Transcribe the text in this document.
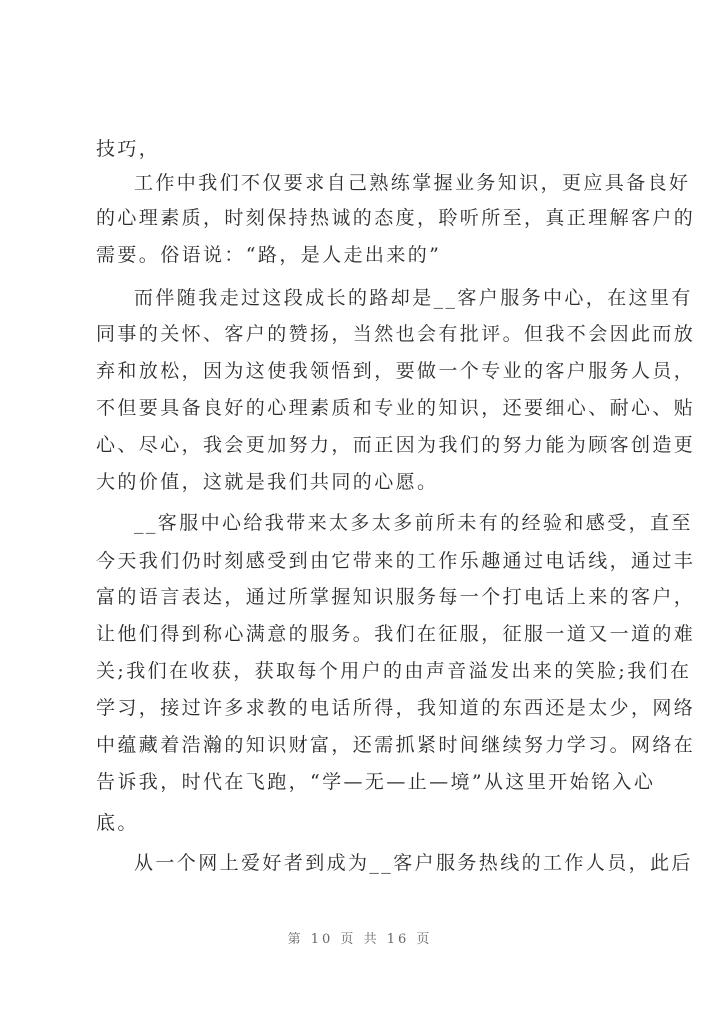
技巧，
工作中我们不仅要求自己熟练掌握业务知识，更应具备良好
的心理素质，时刻保持热诚的态度，聆听所至，真正理解客户的
需要。俗语说：“路，是人走出来的”
而伴随我走过这段成长的路却是__客户服务中心，在这里有
同事的关怀、客户的赞扬，当然也会有批评。但我不会因此而放
弃和放松，因为这使我领悟到，要做一个专业的客户服务人员，
不但要具备良好的心理素质和专业的知识，还要细心、耐心、贴
心、尽心，我会更加努力，而正因为我们的努力能为顾客创造更
大的价值，这就是我们共同的心愿。
__客服中心给我带来太多太多前所未有的经验和感受，直至
今天我们仍时刻感受到由它带来的工作乐趣通过电话线，通过丰
富的语言表达，通过所掌握知识服务每一个打电话上来的客户，
让他们得到称心满意的服务。我们在征服，征服一道又一道的难
关;我们在收获，获取每个用户的由声音溢发出来的笑脸;我们在
学习，接过许多求教的电话所得，我知道的东西还是太少，网络
中蕴藏着浩瀚的知识财富，还需抓紧时间继续努力学习。网络在
告诉我，时代在飞跑，“学—无—止—境”从这里开始铭入心
底。
从一个网上爱好者到成为__客户服务热线的工作人员，此后
第 10 页 共 16 页
